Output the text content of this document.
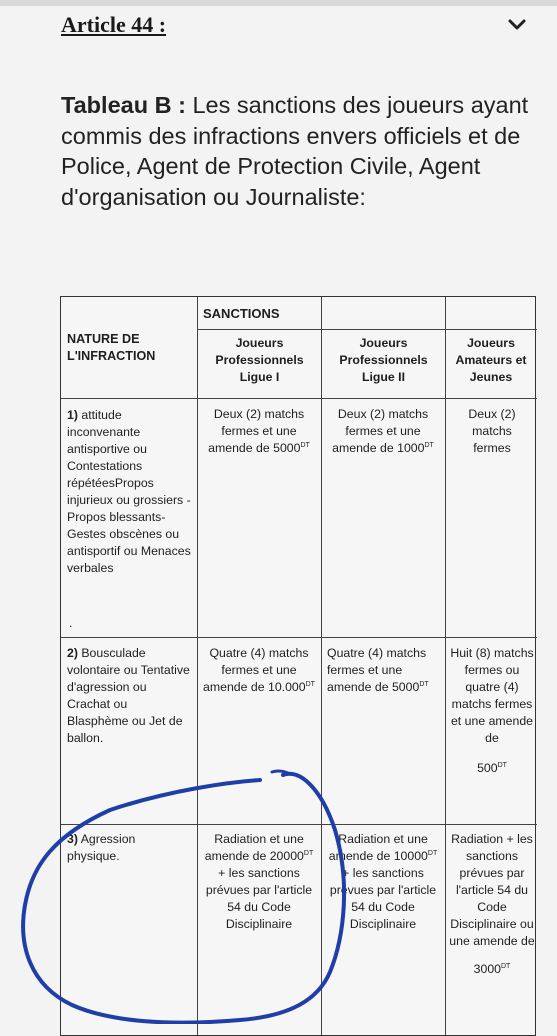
Article 44 :
Tableau B : Les sanctions des joueurs ayant commis des infractions envers officiels et de Police, Agent de Protection Civile, Agent d'organisation ou Journaliste:
SANCTIONS
NATURE DE L'INFRACTION
Joueurs Professionnels Ligue I
Joueurs Professionnels Ligue II
Joueurs Amateurs et Jeunes
1) attitude inconvenante antisportive ou Contestations répétéesPropos injurieux ou grossiers - Propos blessants- Gestes obscènes ou antisportif ou Menaces verbales
.
Deux (2) matchs fermes et une amende de $5000^{DT}$
Deux (2) matchs fermes et une amende de $1000^{DT}$
Deux (2) matchs fermes
2) Bousculade volontaire ou Tentative d'agression ou Crachat ou Blasphème ou Jet de ballon.
Quatre (4) matchs fermes et une amende de $10.000^{DT}$
Quatre (4) matchs fermes et une amende de $5000^{DT}$
Huit (8) matchs fermes ou quatre (4) matchs fermes et une amende de
$500^{DT}$
3) Agression physique.
Radiation et une amende de $20000^{DT}$ + les sanctions prévues par l'article 54 du Code Disciplinaire
Radiation et une amende de $10000^{DT}$ + les sanctions prévues par l'article 54 du Code Disciplinaire
Radiation + les sanctions prévues par l'article 54 du Code Disciplinaire ou une amende de
$3000^{DT}$
